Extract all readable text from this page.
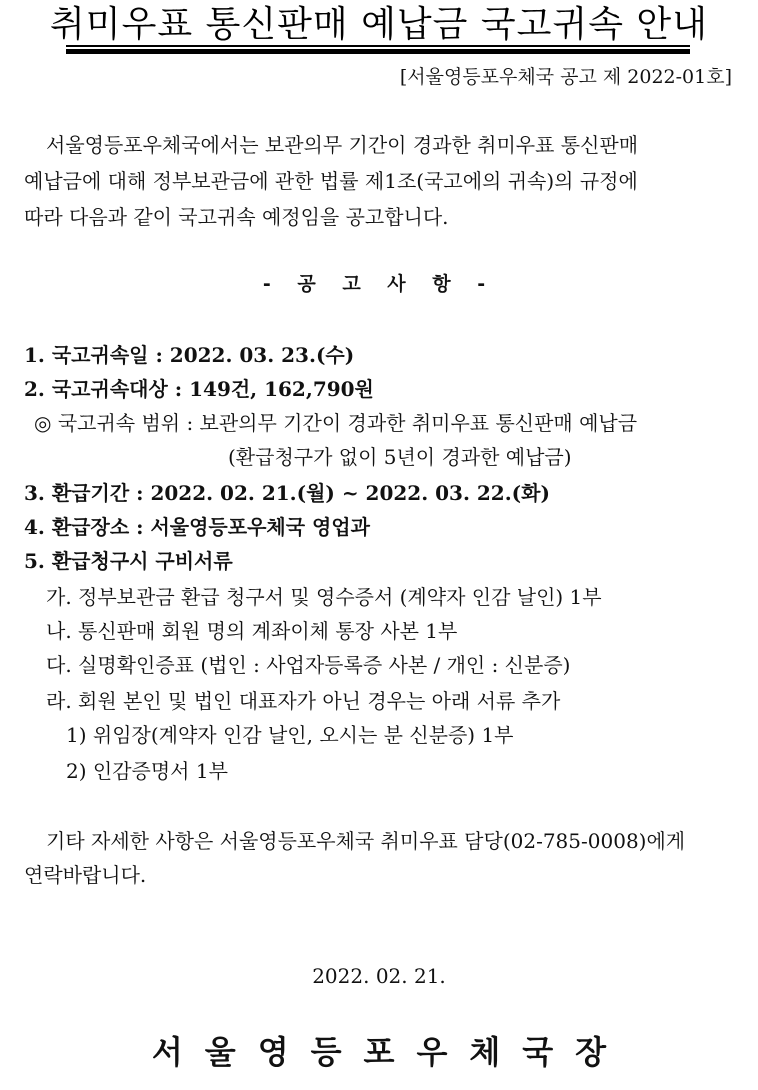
취미우표 통신판매 예납금 국고귀속 안내
[서울영등포우체국 공고 제 2022-01호]
서울영등포우체국에서는 보관의무 기간이 경과한 취미우표 통신판매
예납금에 대해 정부보관금에 관한 법률 제1조(국고에의 귀속)의 규정에
따라 다음과 같이 국고귀속 예정임을 공고합니다.
- 공 고 사 항 -
1. 국고귀속일 : 2022. 03. 23.(수)
2. 국고귀속대상 : 149건, 162,790원
◎ 국고귀속 범위 : 보관의무 기간이 경과한 취미우표 통신판매 예납금
(환급청구가 없이 5년이 경과한 예납금)
3. 환급기간 : 2022. 02. 21.(월) ~ 2022. 03. 22.(화)
4. 환급장소 : 서울영등포우체국 영업과
5. 환급청구시 구비서류
가. 정부보관금 환급 청구서 및 영수증서 (계약자 인감 날인) 1부
나. 통신판매 회원 명의 계좌이체 통장 사본 1부
다. 실명확인증표 (법인 : 사업자등록증 사본 / 개인 : 신분증)
라. 회원 본인 및 법인 대표자가 아닌 경우는 아래 서류 추가
1) 위임장(계약자 인감 날인, 오시는 분 신분증) 1부
2) 인감증명서 1부
기타 자세한 사항은 서울영등포우체국 취미우표 담당(02-785-0008)에게
연락바랍니다.
2022. 02. 21.
서울영등포우체국장
